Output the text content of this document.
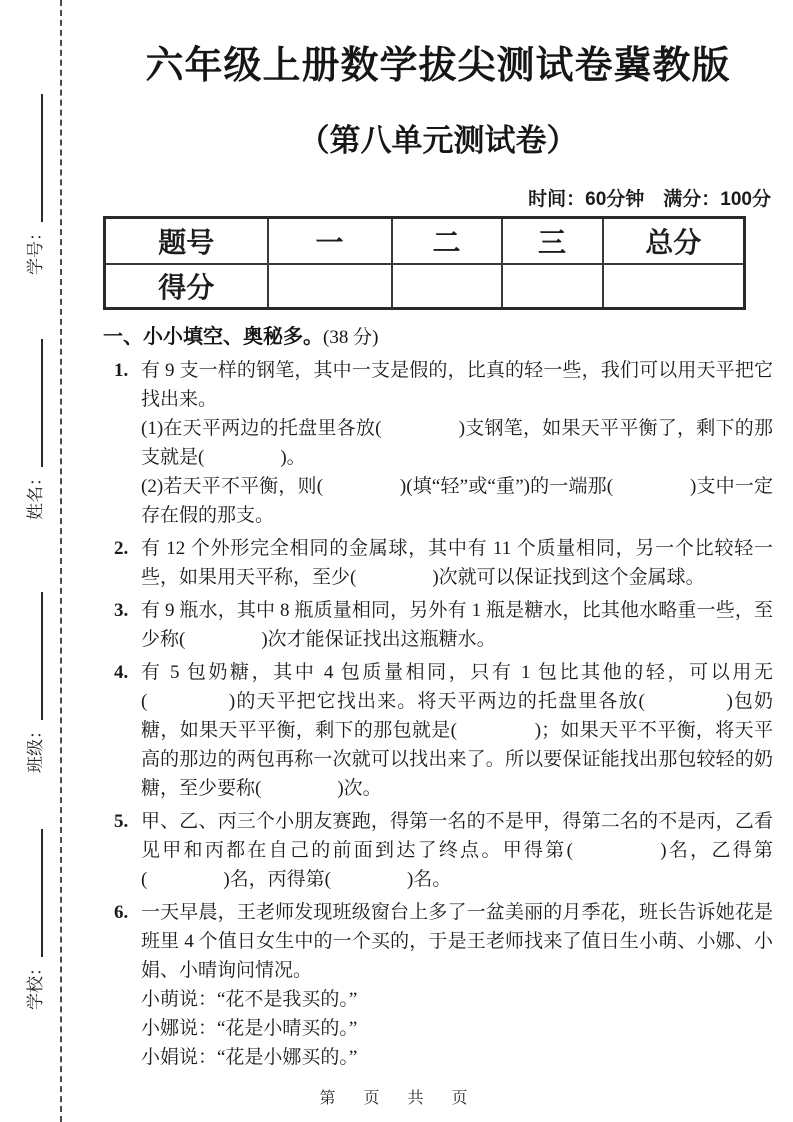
学号：
姓名：
班级：
学校：
六年级上册数学拔尖测试卷冀教版
（第八单元测试卷）
时间：60分钟　满分：100分
题号	一	二	三	总分
得分				
一、小小填空、奥秘多。(38 分)
1. 有 9 支一样的钢笔，其中一支是假的，比真的轻一些，我们可以用天平把它找出来。

(1)在天平两边的托盘里各放(　　　　)支钢笔，如果天平平衡了，剩下的那支就是(　　　　)。

(2)若天平不平衡，则(　　　　)(填“轻”或“重”)的一端那(　　　　)支中一定存在假的那支。

2. 有 12 个外形完全相同的金属球，其中有 11 个质量相同，另一个比较轻一些，如果用天平称，至少(　　　　)次就可以保证找到这个金属球。

3. 有 9 瓶水，其中 8 瓶质量相同，另外有 1 瓶是糖水，比其他水略重一些，至少称(　　　　)次才能保证找出这瓶糖水。

4. 有 5 包奶糖，其中 4 包质量相同，只有 1 包比其他的轻，可以用无(　　　　)的天平把它找出来。将天平两边的托盘里各放(　　　　)包奶糖，如果天平平衡，剩下的那包就是(　　　　)；如果天平不平衡，将天平高的那边的两包再称一次就可以找出来了。所以要保证能找出那包较轻的奶糖，至少要称(　　　　)次。

5. 甲、乙、丙三个小朋友赛跑，得第一名的不是甲，得第二名的不是丙，乙看见甲和丙都在自己的前面到达了终点。甲得第(　　　　)名，乙得第(　　　　)名，丙得第(　　　　)名。

6. 一天早晨，王老师发现班级窗台上多了一盆美丽的月季花，班长告诉她花是班里 4 个值日女生中的一个买的，于是王老师找来了值日生小萌、小娜、小娟、小晴询问情况。

小萌说：“花不是我买的。”

小娜说：“花是小晴买的。”

小娟说：“花是小娜买的。”

第　页　共　页
